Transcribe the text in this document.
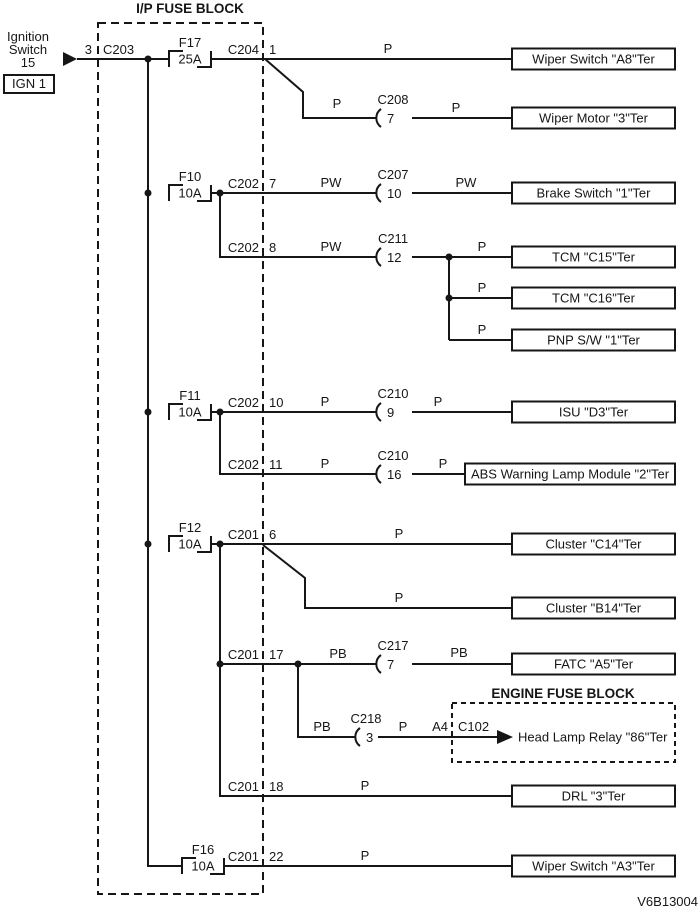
I/P FUSE BLOCK
ENGINE FUSE BLOCK
V6B13004
Ignition
Switch
15
IGN 1
3 C203	F17
25A
F10
10A
F11
10A
F12
10A
F16
10A
C208
7
C207
10
C211
12
C210
9
C210
16
C217
7
C218
3
C204 1
C202 7
C202 8
C202 10
C202 11
C201 6
C201 17
C201 18
C201 22
A4 C102
P
P	P
PW	PW
PW	P
P
P
P	P
P	P
P
P
PB	PB
PB	P
P
P
Wiper Switch "A8"Ter
Wiper Motor "3"Ter
Brake Switch "1"Ter
TCM "C15"Ter
TCM "C16"Ter
PNP S/W "1"Ter
ISU "D3"Ter
ABS Warning Lamp Module "2"Ter
Cluster "C14"Ter
Cluster "B14"Ter
FATC "A5"Ter
Head Lamp Relay "86"Ter
DRL "3"Ter
Wiper Switch "A3"Ter
